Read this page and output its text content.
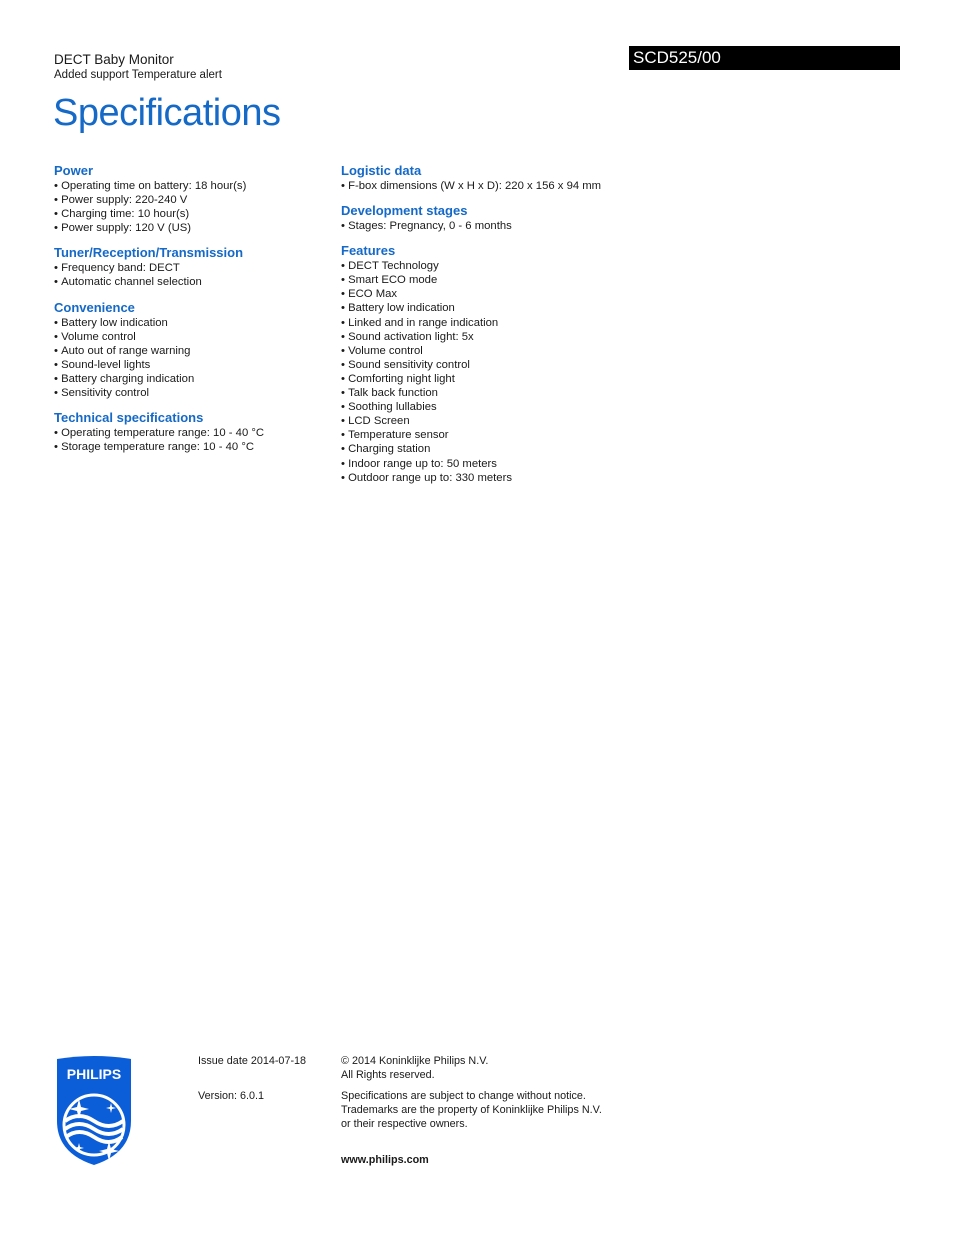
DECT Baby Monitor
Added support Temperature alert
SCD525/00
Specifications
Power
• Operating time on battery: 18 hour(s)
• Power supply: 220-240 V
• Charging time: 10 hour(s)
• Power supply: 120 V (US)
Tuner/Reception/Transmission
• Frequency band: DECT
• Automatic channel selection
Convenience
• Battery low indication
• Volume control
• Auto out of range warning
• Sound-level lights
• Battery charging indication
• Sensitivity control
Technical specifications
• Operating temperature range: 10 - 40 °C
• Storage temperature range: 10 - 40 °C
Logistic data
• F-box dimensions (W x H x D): 220 x 156 x 94 mm
Development stages
• Stages: Pregnancy, 0 - 6 months
Features
• DECT Technology
• Smart ECO mode
• ECO Max
• Battery low indication
• Linked and in range indication
• Sound activation light: 5x
• Volume control
• Sound sensitivity control
• Comforting night light
• Talk back function
• Soothing lullabies
• LCD Screen
• Temperature sensor
• Charging station
• Indoor range up to: 50 meters
• Outdoor range up to: 330 meters
PHILIPS
Issue date 2014-07-18
Version: 6.0.1
© 2014 Koninklijke Philips N.V.
All Rights reserved.
Specifications are subject to change without notice.
Trademarks are the property of Koninklijke Philips N.V.
or their respective owners.
www.philips.com
